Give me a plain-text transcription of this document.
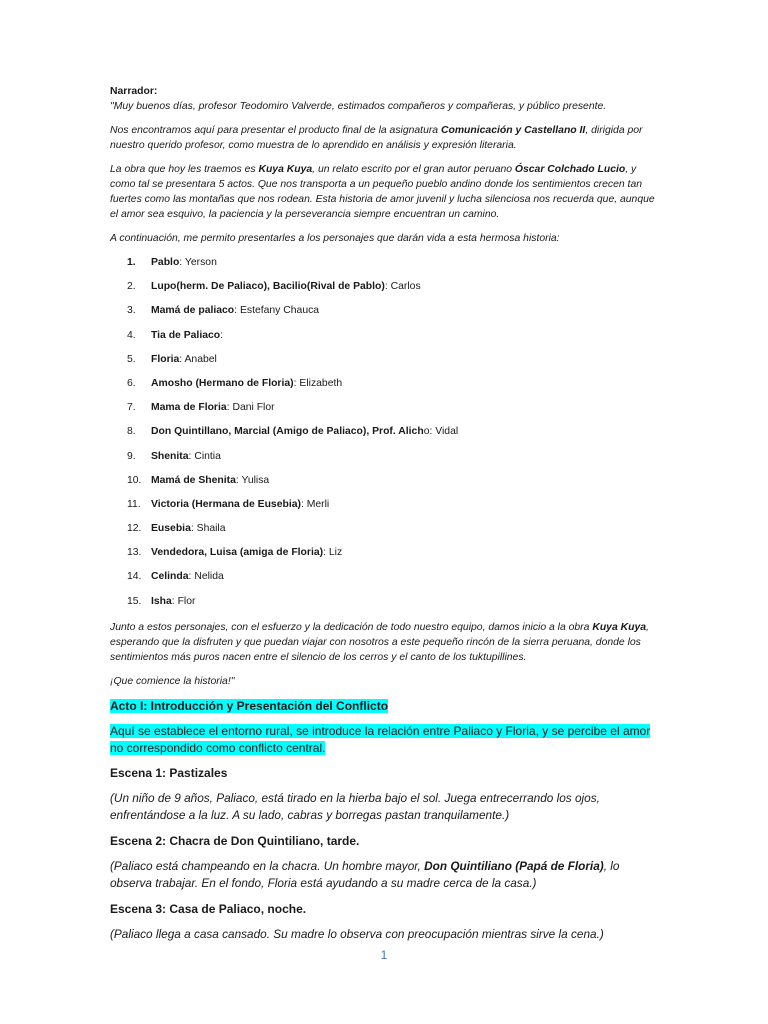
Narrador:
"Muy buenos días, profesor Teodomiro Valverde, estimados compañeros y compañeras, y público presente.

Nos encontramos aquí para presentar el producto final de la asignatura Comunicación y Castellano II, dirigida por nuestro querido profesor, como muestra de lo aprendido en análisis y expresión literaria.

La obra que hoy les traemos es Kuya Kuya, un relato escrito por el gran autor peruano Óscar Colchado Lucio, y como tal se presentara 5 actos. Que nos transporta a un pequeño pueblo andino donde los sentimientos crecen tan fuertes como las montañas que nos rodean. Esta historia de amor juvenil y lucha silenciosa nos recuerda que, aunque el amor sea esquivo, la paciencia y la perseverancia siempre encuentran un camino.

A continuación, me permito presentarles a los personajes que darán vida a esta hermosa historia:

1.	Pablo: Yerson
2.	Lupo(herm. De Paliaco), Bacilio(Rival de Pablo): Carlos
3.	Mamá de paliaco: Estefany Chauca
4.	Tia de Paliaco:
5.	Floria: Anabel
6.	Amosho (Hermano de Floria): Elizabeth
7.	Mama de Floria: Dani Flor
8.	Don Quintillano, Marcial (Amigo de Paliaco), Prof. Alicho: Vidal
9.	Shenita: Cintia
10. Mamá de Shenita: Yulisa
11. Victoria (Hermana de Eusebia): Merli
12. Eusebia: Shaila
13. Vendedora, Luisa (amiga de Floria): Liz
14. Celinda: Nelida
15. Isha: Flor

Junto a estos personajes, con el esfuerzo y la dedicación de todo nuestro equipo, damos inicio a la obra Kuya Kuya, esperando que la disfruten y que puedan viajar con nosotros a este pequeño rincón de la sierra peruana, donde los sentimientos más puros nacen entre el silencio de los cerros y el canto de los tuktupillines.

¡Que comience la historia!"

Acto I: Introducción y Presentación del Conflicto

Aquí se establece el entorno rural, se introduce la relación entre Paliaco y Floria, y se percibe el amor no correspondido como conflicto central.

Escena 1: Pastizales

(Un niño de 9 años, Paliaco, está tirado en la hierba bajo el sol. Juega entrecerrando los ojos, enfrentándose a la luz. A su lado, cabras y borregas pastan tranquilamente.)

Escena 2: Chacra de Don Quintiliano, tarde.

(Paliaco está champeando en la chacra. Un hombre mayor, Don Quintiliano (Papá de Floria), lo observa trabajar. En el fondo, Floria está ayudando a su madre cerca de la casa.)

Escena 3: Casa de Paliaco, noche.

(Paliaco llega a casa cansado. Su madre lo observa con preocupación mientras sirve la cena.)

1
